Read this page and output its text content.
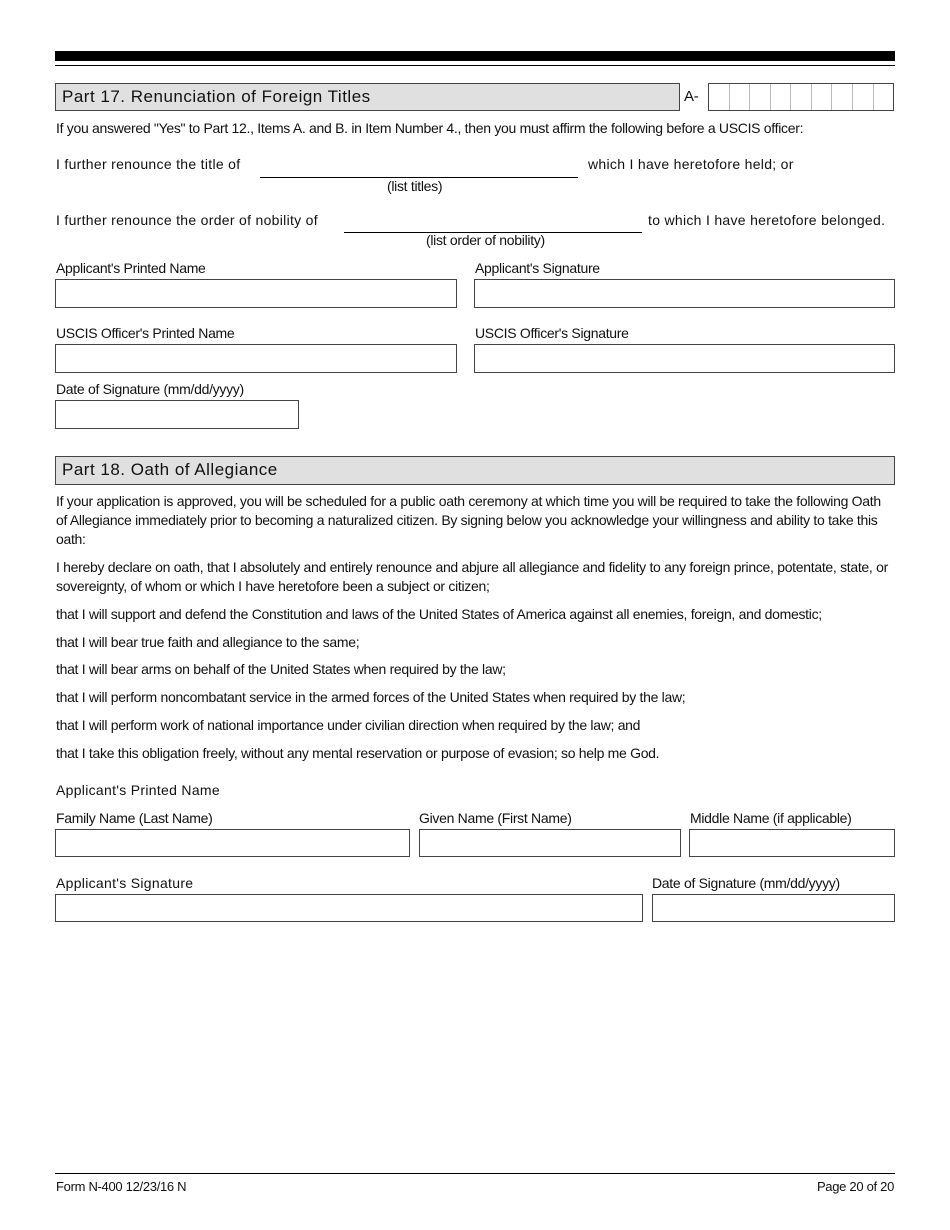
Part 17. Renunciation of Foreign Titles	A-
If you answered "Yes" to Part 12., Items A. and B. in Item Number 4., then you must affirm the following before a USCIS officer:
I further renounce the title of	which I have heretofore held; or
(list titles)
I further renounce the order of nobility of	to which I have heretofore belonged.
(list order of nobility)
Applicant's Printed Name	Applicant's Signature
USCIS Officer's Printed Name	USCIS Officer's Signature
Date of Signature (mm/dd/yyyy)
Part 18. Oath of Allegiance
If your application is approved, you will be scheduled for a public oath ceremony at which time you will be required to take the following Oath of Allegiance immediately prior to becoming a naturalized citizen. By signing below you acknowledge your willingness and ability to take this oath:
I hereby declare on oath, that I absolutely and entirely renounce and abjure all allegiance and fidelity to any foreign prince, potentate, state, or sovereignty, of whom or which I have heretofore been a subject or citizen;
that I will support and defend the Constitution and laws of the United States of America against all enemies, foreign, and domestic;
that I will bear true faith and allegiance to the same;
that I will bear arms on behalf of the United States when required by the law;
that I will perform noncombatant service in the armed forces of the United States when required by the law;
that I will perform work of national importance under civilian direction when required by the law; and
that I take this obligation freely, without any mental reservation or purpose of evasion; so help me God.
Applicant's Printed Name
Family Name (Last Name)	Given Name (First Name)	Middle Name (if applicable)
Applicant's Signature	Date of Signature (mm/dd/yyyy)
Form N-400 12/23/16 N	Page 20 of 20
